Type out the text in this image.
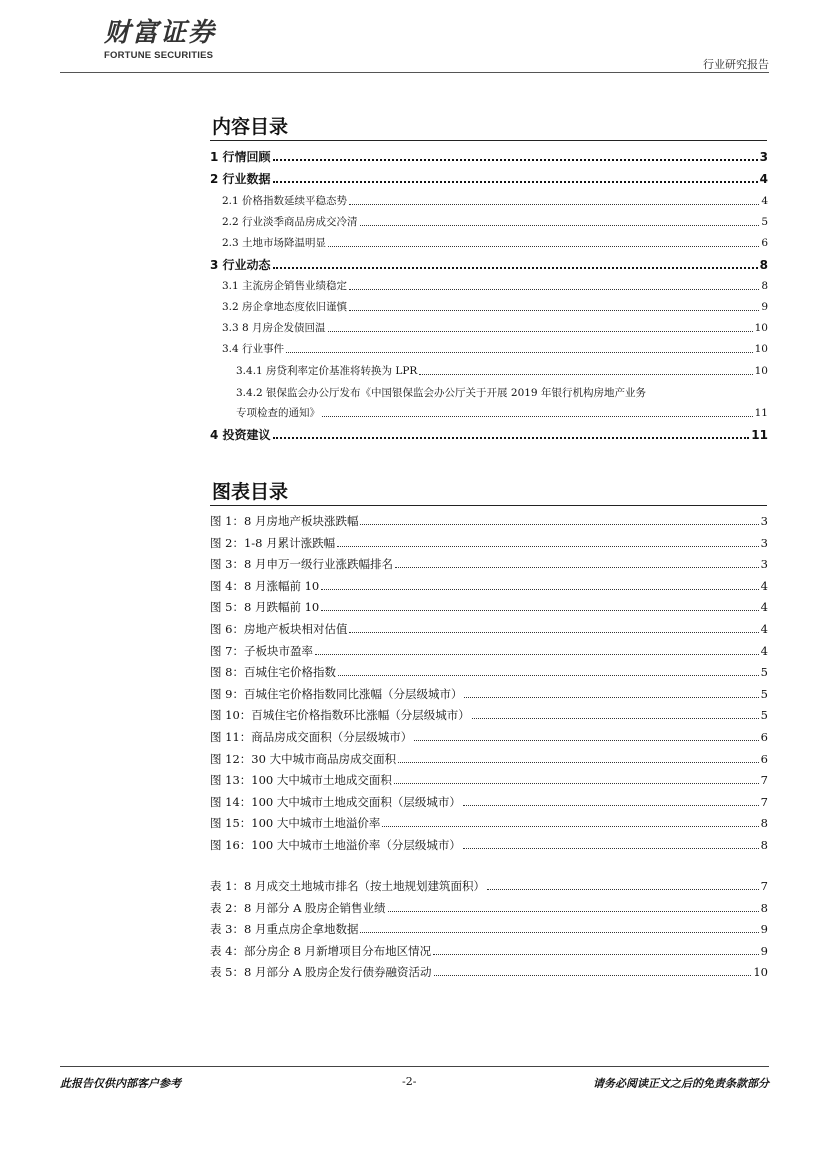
财富证券
FORTUNE SECURITIES
行业研究报告
内容目录
1 行情回顾	3
2 行业数据	4
2.1 价格指数延续平稳态势	4
2.2 行业淡季商品房成交冷清	5
2.3 土地市场降温明显	6
3 行业动态	8
3.1 主流房企销售业绩稳定	8
3.2 房企拿地态度依旧谨慎	9
3.3 8 月房企发债回温	10
3.4 行业事件	10
3.4.1 房贷利率定价基准将转换为 LPR	10
3.4.2 银保监会办公厅发布《中国银保监会办公厅关于开展 2019 年银行机构房地产业务
专项检查的通知》	11
4 投资建议	11
图表目录
图 1：8 月房地产板块涨跌幅	3
图 2：1-8 月累计涨跌幅	3
图 3：8 月申万一级行业涨跌幅排名	3
图 4：8 月涨幅前 10	4
图 5：8 月跌幅前 10	4
图 6：房地产板块相对估值	4
图 7：子板块市盈率	4
图 8：百城住宅价格指数	5
图 9：百城住宅价格指数同比涨幅（分层级城市）	5
图 10：百城住宅价格指数环比涨幅（分层级城市）	5
图 11：商品房成交面积（分层级城市）	6
图 12：30 大中城市商品房成交面积	6
图 13：100 大中城市土地成交面积	7
图 14：100 大中城市土地成交面积（层级城市）	7
图 15：100 大中城市土地溢价率	8
图 16：100 大中城市土地溢价率（分层级城市）	8
表 1：8 月成交土地城市排名（按土地规划建筑面积）	7
表 2：8 月部分 A 股房企销售业绩	8
表 3：8 月重点房企拿地数据	9
表 4：部分房企 8 月新增项目分布地区情况	9
表 5：8 月部分 A 股房企发行债券融资活动	10
此报告仅供内部客户参考	-2-	请务必阅读正文之后的免责条款部分
